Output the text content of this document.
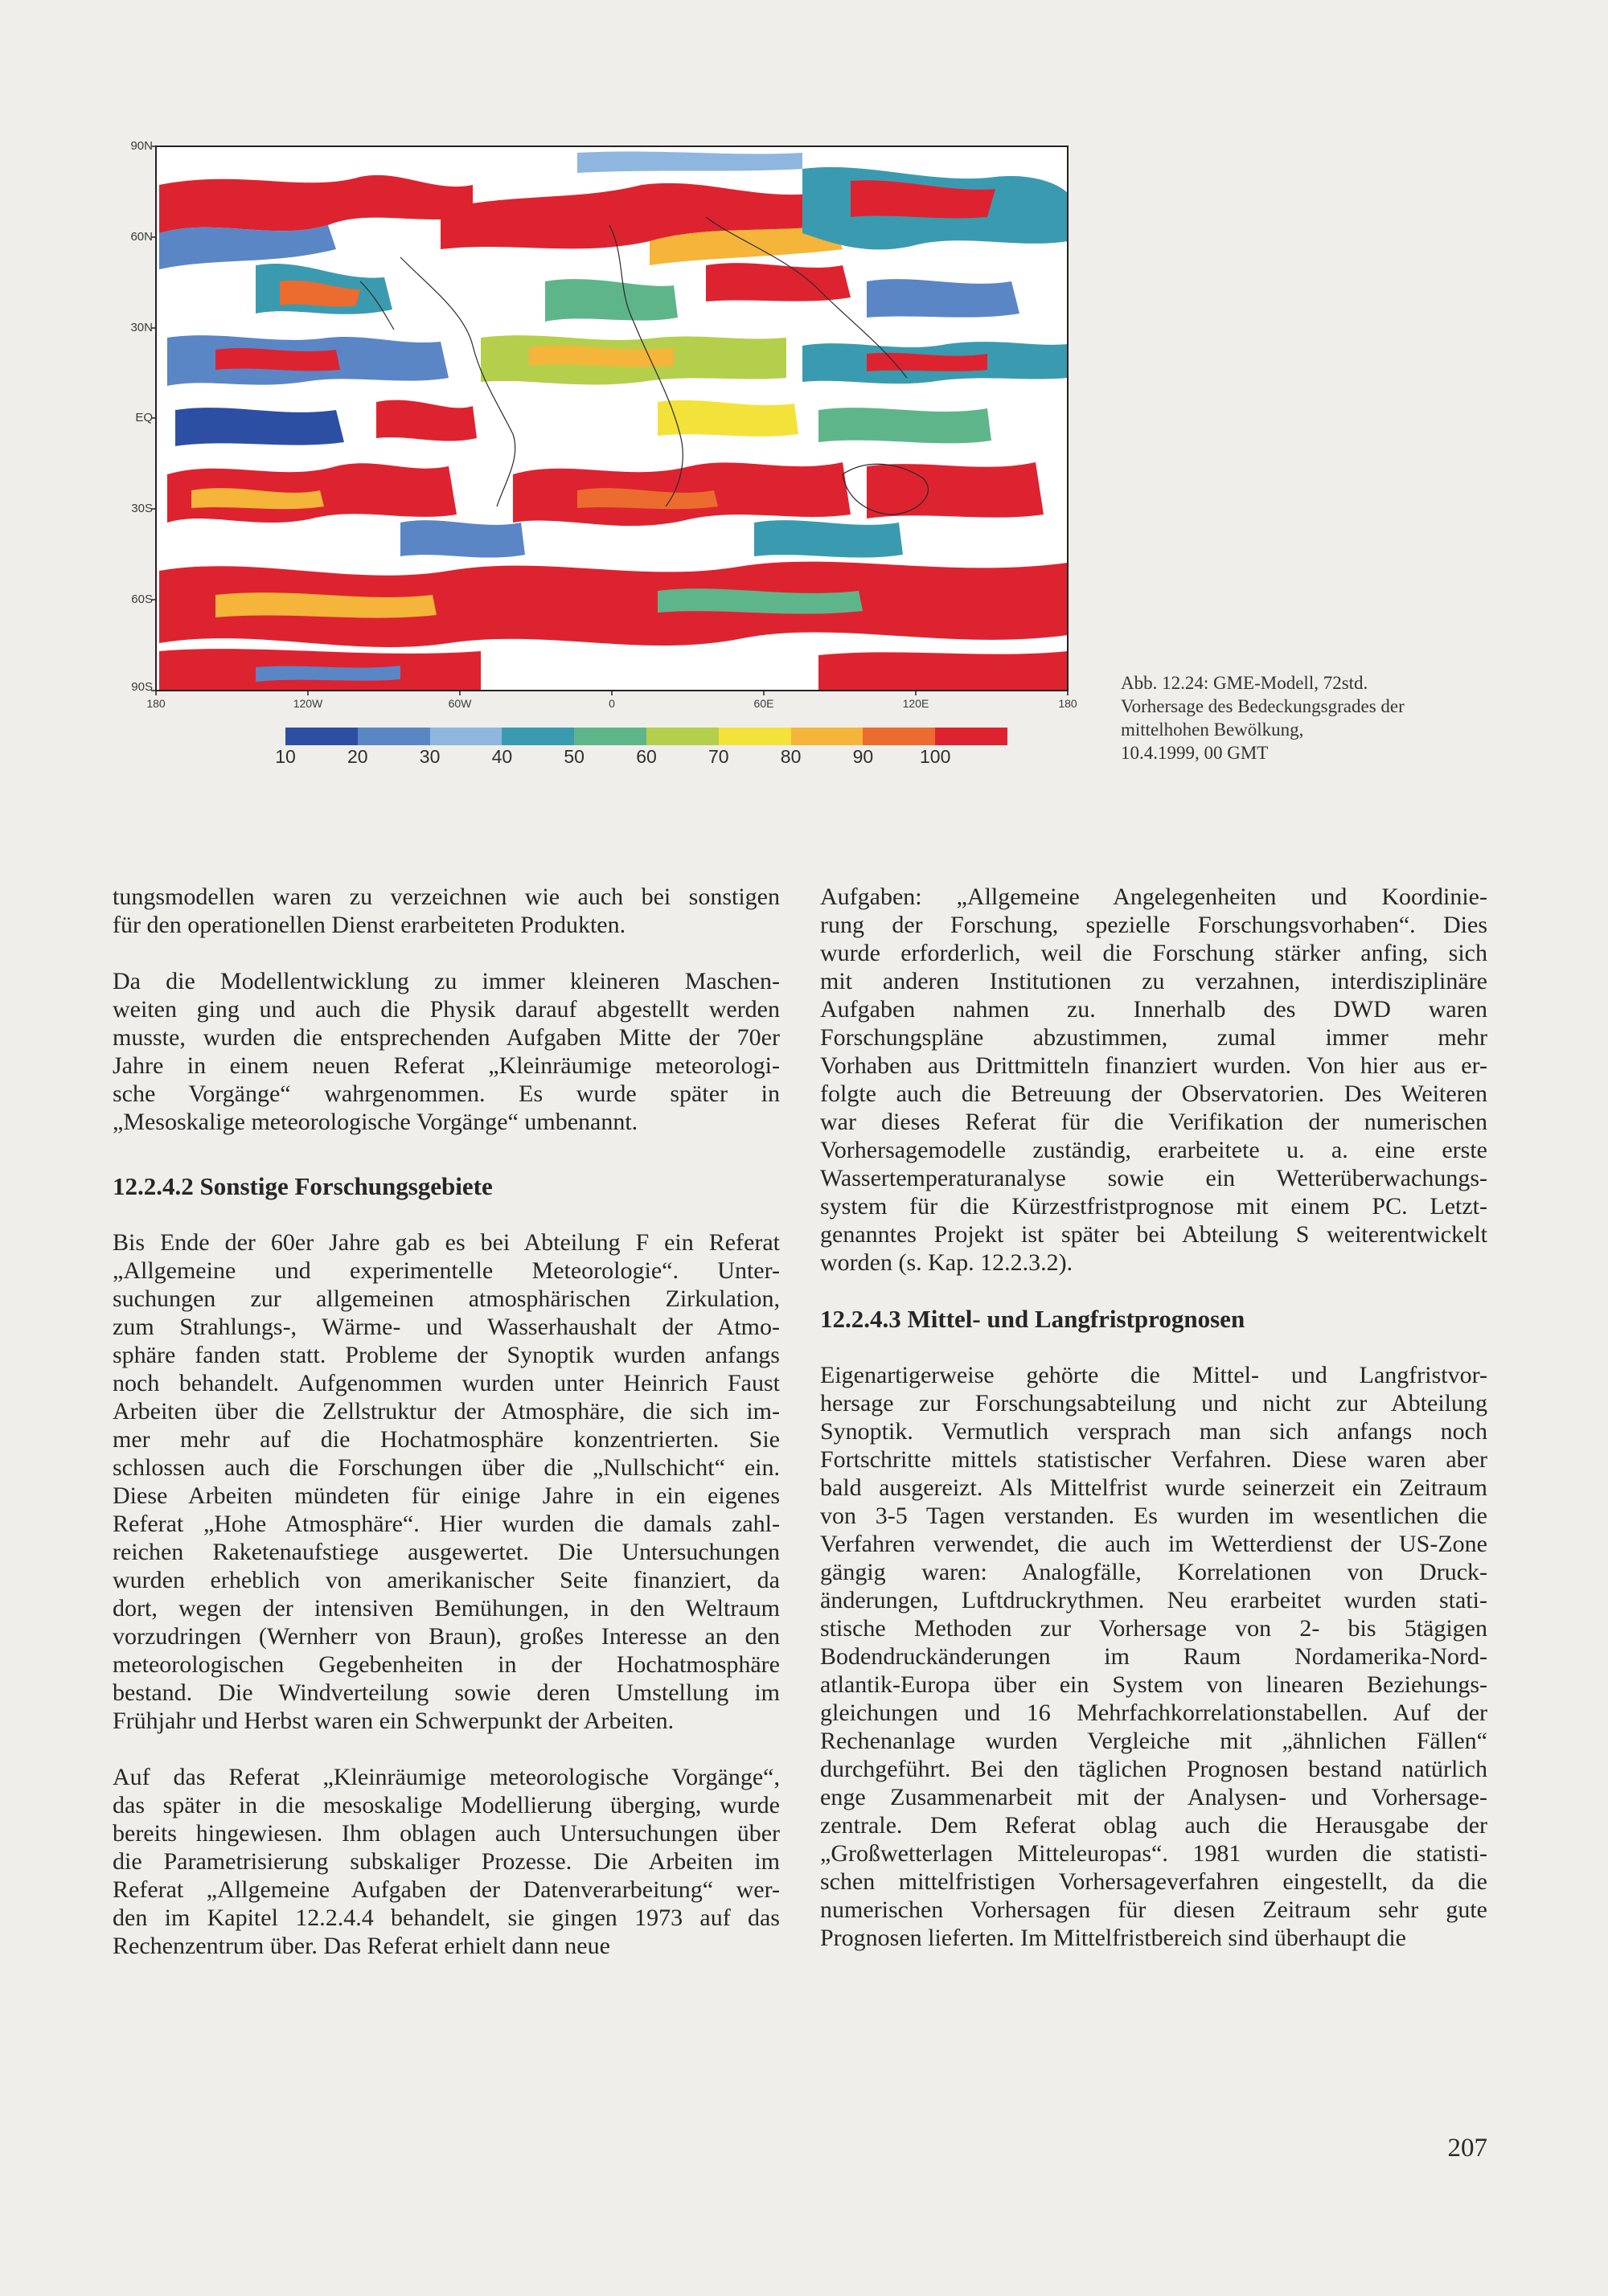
90N
60N
30N
EQ
30S
60S
90S
180	120W	60W	0	60E	120E	180
10	20	30	40	50	60	70	80	90	100
Abb. 12.24: GME-Modell, 72std.
Vorhersage des Bedeckungsgrades der
mittelhohen Bewölkung,
10.4.1999, 00 GMT
tungsmodellen waren zu verzeichnen wie auch bei sonstigen
für den operationellen Dienst erarbeiteten Produkten.
Da die Modellentwicklung zu immer kleineren Maschen-
weiten ging und auch die Physik darauf abgestellt werden
musste, wurden die entsprechenden Aufgaben Mitte der 70er
Jahre in einem neuen Referat „Kleinräumige meteorologi-
sche Vorgänge“ wahrgenommen. Es wurde später in
„Mesoskalige meteorologische Vorgänge“ umbenannt.
12.2.4.2 Sonstige Forschungsgebiete
Bis Ende der 60er Jahre gab es bei Abteilung F ein Referat
„Allgemeine und experimentelle Meteorologie“. Unter-
suchungen zur allgemeinen atmosphärischen Zirkulation,
zum Strahlungs-, Wärme- und Wasserhaushalt der Atmo-
sphäre fanden statt. Probleme der Synoptik wurden anfangs
noch behandelt. Aufgenommen wurden unter Heinrich Faust
Arbeiten über die Zellstruktur der Atmosphäre, die sich im-
mer mehr auf die Hochatmosphäre konzentrierten. Sie
schlossen auch die Forschungen über die „Nullschicht“ ein.
Diese Arbeiten mündeten für einige Jahre in ein eigenes
Referat „Hohe Atmosphäre“. Hier wurden die damals zahl-
reichen Raketenaufstiege ausgewertet. Die Untersuchungen
wurden erheblich von amerikanischer Seite finanziert, da
dort, wegen der intensiven Bemühungen, in den Weltraum
vorzudringen (Wernherr von Braun), großes Interesse an den
meteorologischen Gegebenheiten in der Hochatmosphäre
bestand. Die Windverteilung sowie deren Umstellung im
Frühjahr und Herbst waren ein Schwerpunkt der Arbeiten.
Auf das Referat „Kleinräumige meteorologische Vorgänge“,
das später in die mesoskalige Modellierung überging, wurde
bereits hingewiesen. Ihm oblagen auch Untersuchungen über
die Parametrisierung subskaliger Prozesse. Die Arbeiten im
Referat „Allgemeine Aufgaben der Datenverarbeitung“ wer-
den im Kapitel 12.2.4.4 behandelt, sie gingen 1973 auf das
Rechenzentrum über. Das Referat erhielt dann neue
Aufgaben: „Allgemeine Angelegenheiten und Koordinie-
rung der Forschung, spezielle Forschungsvorhaben“. Dies
wurde erforderlich, weil die Forschung stärker anfing, sich
mit anderen Institutionen zu verzahnen, interdisziplinäre
Aufgaben nahmen zu. Innerhalb des DWD waren
Forschungspläne abzustimmen, zumal immer mehr
Vorhaben aus Drittmitteln finanziert wurden. Von hier aus er-
folgte auch die Betreuung der Observatorien. Des Weiteren
war dieses Referat für die Verifikation der numerischen
Vorhersagemodelle zuständig, erarbeitete u. a. eine erste
Wassertemperaturanalyse sowie ein Wetterüberwachungs-
system für die Kürzestfristprognose mit einem PC. Letzt-
genanntes Projekt ist später bei Abteilung S weiterentwickelt
worden (s. Kap. 12.2.3.2).
12.2.4.3 Mittel- und Langfristprognosen
Eigenartigerweise gehörte die Mittel- und Langfristvor-
hersage zur Forschungsabteilung und nicht zur Abteilung
Synoptik. Vermutlich versprach man sich anfangs noch
Fortschritte mittels statistischer Verfahren. Diese waren aber
bald ausgereizt. Als Mittelfrist wurde seinerzeit ein Zeitraum
von 3-5 Tagen verstanden. Es wurden im wesentlichen die
Verfahren verwendet, die auch im Wetterdienst der US-Zone
gängig waren: Analogfälle, Korrelationen von Druck-
änderungen, Luftdruckrythmen. Neu erarbeitet wurden stati-
stische Methoden zur Vorhersage von 2- bis 5tägigen
Bodendruckänderungen im Raum Nordamerika-Nord-
atlantik-Europa über ein System von linearen Beziehungs-
gleichungen und 16 Mehrfachkorrelationstabellen. Auf der
Rechenanlage wurden Vergleiche mit „ähnlichen Fällen“
durchgeführt. Bei den täglichen Prognosen bestand natürlich
enge Zusammenarbeit mit der Analysen- und Vorhersage-
zentrale. Dem Referat oblag auch die Herausgabe der
„Großwetterlagen Mitteleuropas“. 1981 wurden die statisti-
schen mittelfristigen Vorhersageverfahren eingestellt, da die
numerischen Vorhersagen für diesen Zeitraum sehr gute
Prognosen lieferten. Im Mittelfristbereich sind überhaupt die
207
